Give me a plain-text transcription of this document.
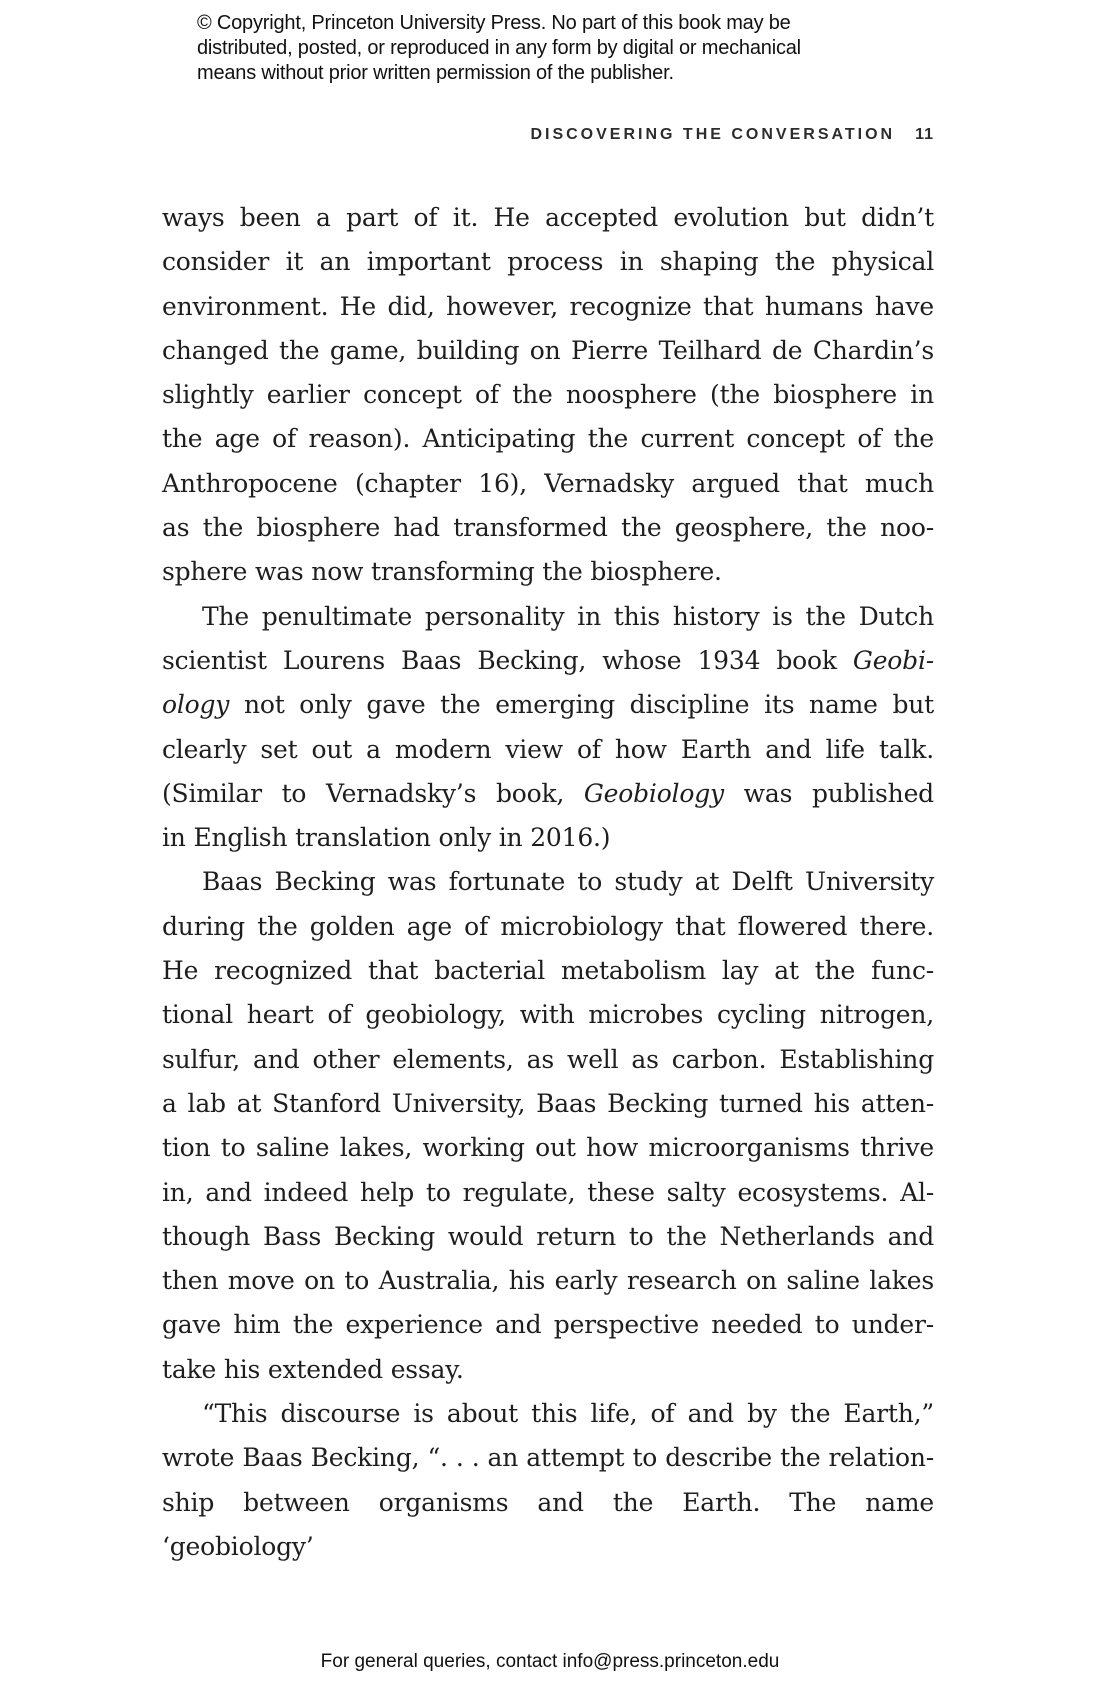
© Copyright, Princeton University Press. No part of this book may be
distributed, posted, or reproduced in any form by digital or mechanical
means without prior written permission of the publisher.
DISCOVERING THE CONVERSATION 11
ways been a part of it. He accepted evolution but didn’t
consider it an important process in shaping the physical
environment. He did, however, recognize that humans have
changed the game, building on Pierre Teilhard de Chardin’s
slightly earlier concept of the noosphere (the biosphere in
the age of reason). Anticipating the current concept of the
Anthropocene (chapter 16), Vernadsky argued that much
as the biosphere had transformed the geosphere, the noo-
sphere was now transforming the biosphere.
The penultimate personality in this history is the Dutch
scientist Lourens Baas Becking, whose 1934 book Geobi-
ology not only gave the emerging discipline its name but
clearly set out a modern view of how Earth and life talk.
(Similar to Vernadsky’s book, Geobiology was published
in English translation only in 2016.)
Baas Becking was fortunate to study at Delft University
during the golden age of microbiology that flowered there.
He recognized that bacterial metabolism lay at the func-
tional heart of geobiology, with microbes cycling nitrogen,
sulfur, and other elements, as well as carbon. Establishing
a lab at Stanford University, Baas Becking turned his atten-
tion to saline lakes, working out how microorganisms thrive
in, and indeed help to regulate, these salty ecosystems. Al-
though Bass Becking would return to the Netherlands and
then move on to Australia, his early research on saline lakes
gave him the experience and perspective needed to under-
take his extended essay.
“This discourse is about this life, of and by the Earth,”
wrote Baas Becking, “. . . an attempt to describe the relation-
ship between organisms and the Earth. The name ‘geobiology’
For general queries, contact info@press.princeton.edu
